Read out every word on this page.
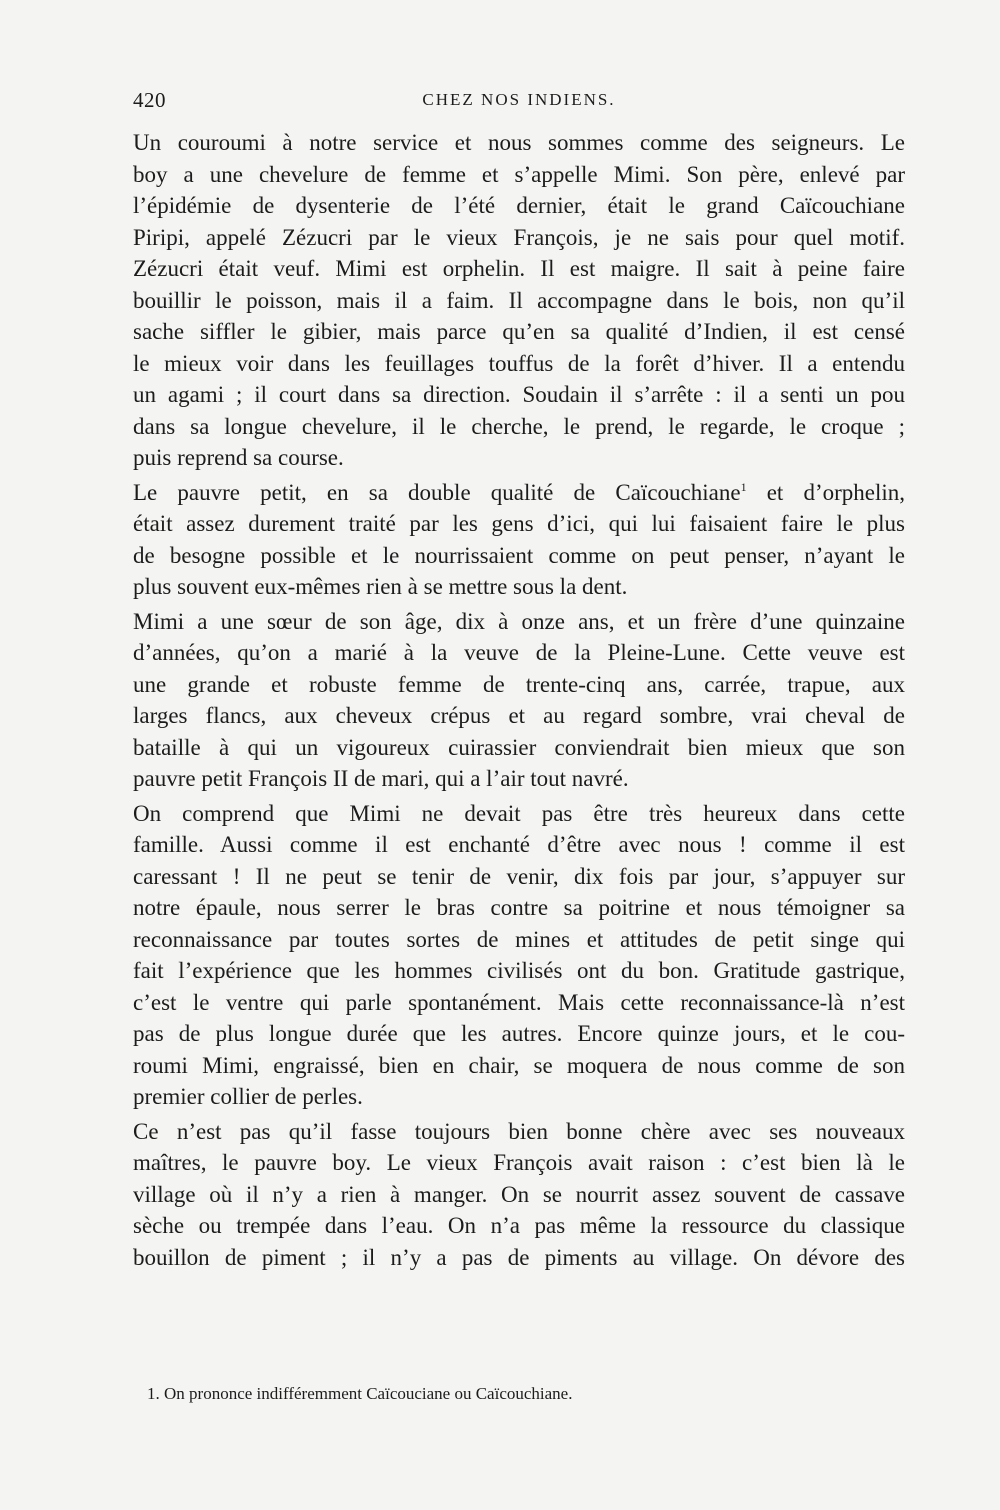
420	CHEZ NOS INDIENS.
Un couroumi à notre service et nous sommes comme des seigneurs. Le
boy a une chevelure de femme et s’appelle Mimi. Son père, enlevé par
l’épidémie de dysenterie de l’été dernier, était le grand Caïcouchiane
Piripi, appelé Zézucri par le vieux François, je ne sais pour quel motif.
Zézucri était veuf. Mimi est orphelin. Il est maigre. Il sait à peine faire
bouillir le poisson, mais il a faim. Il accompagne dans le bois, non qu’il
sache siffler le gibier, mais parce qu’en sa qualité d’Indien, il est censé
le mieux voir dans les feuillages touffus de la forêt d’hiver. Il a entendu
un agami ; il court dans sa direction. Soudain il s’arrête : il a senti un pou
dans sa longue chevelure, il le cherche, le prend, le regarde, le croque ;
puis reprend sa course.
Le pauvre petit, en sa double qualité de Caïcouchiane$^1$ et d’orphelin,
était assez durement traité par les gens d’ici, qui lui faisaient faire le plus
de besogne possible et le nourrissaient comme on peut penser, n’ayant le
plus souvent eux-mêmes rien à se mettre sous la dent.
Mimi a une sœur de son âge, dix à onze ans, et un frère d’une quinzaine
d’années, qu’on a marié à la veuve de la Pleine-Lune. Cette veuve est
une grande et robuste femme de trente-cinq ans, carrée, trapue, aux
larges flancs, aux cheveux crépus et au regard sombre, vrai cheval de
bataille à qui un vigoureux cuirassier conviendrait bien mieux que son
pauvre petit François II de mari, qui a l’air tout navré.
On comprend que Mimi ne devait pas être très heureux dans cette
famille. Aussi comme il est enchanté d’être avec nous ! comme il est
caressant ! Il ne peut se tenir de venir, dix fois par jour, s’appuyer sur
notre épaule, nous serrer le bras contre sa poitrine et nous témoigner sa
reconnaissance par toutes sortes de mines et attitudes de petit singe qui
fait l’expérience que les hommes civilisés ont du bon. Gratitude gastrique,
c’est le ventre qui parle spontanément. Mais cette reconnaissance-là n’est
pas de plus longue durée que les autres. Encore quinze jours, et le cou-
roumi Mimi, engraissé, bien en chair, se moquera de nous comme de son
premier collier de perles.
Ce n’est pas qu’il fasse toujours bien bonne chère avec ses nouveaux
maîtres, le pauvre boy. Le vieux François avait raison : c’est bien là le
village où il n’y a rien à manger. On se nourrit assez souvent de cassave
sèche ou trempée dans l’eau. On n’a pas même la ressource du classique
bouillon de piment ; il n’y a pas de piments au village. On dévore des
1. On prononce indifféremment Caïcouciane ou Caïcouchiane.
